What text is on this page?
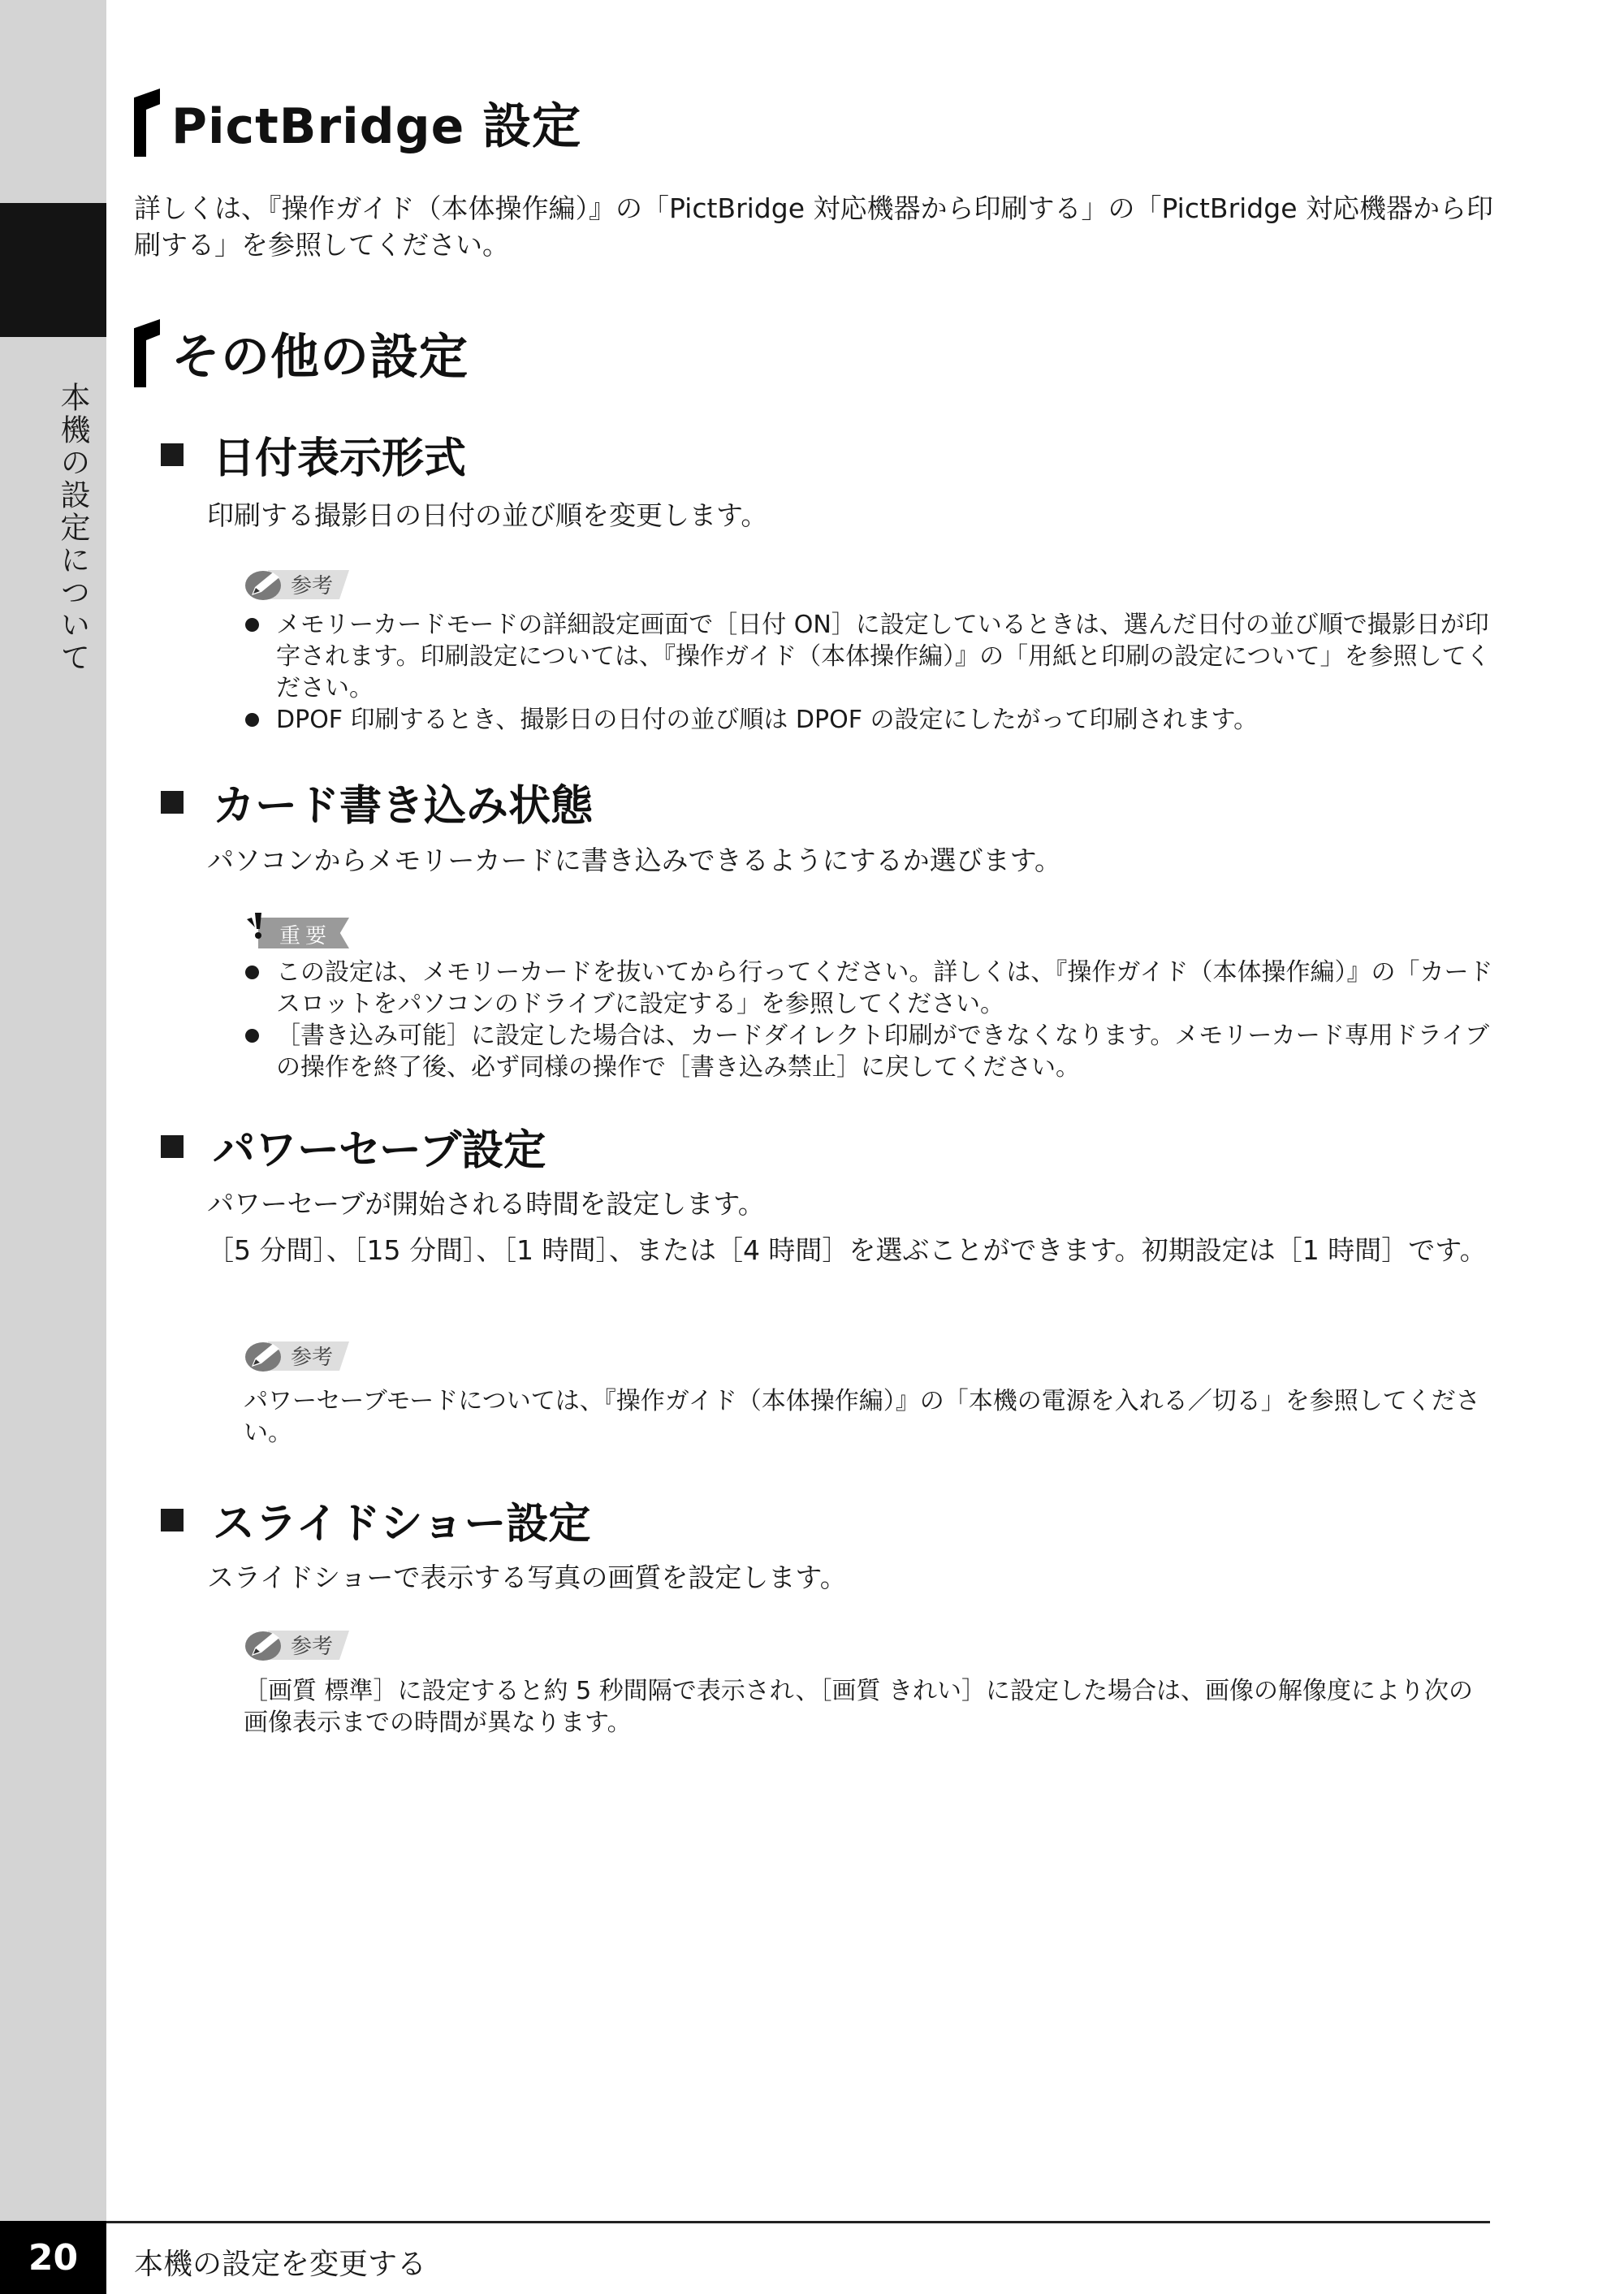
本機の設定について
PictBridge 設定
詳しくは、『操作ガイド（本体操作編）』の「PictBridge 対応機器から印刷する」の「PictBridge 対応機器から印刷する」を参照してください。
その他の設定
日付表示形式
印刷する撮影日の日付の並び順を変更します。
参考
メモリーカードモードの詳細設定画面で［日付 ON］に設定しているときは、選んだ日付の並び順で撮影日が印字されます。印刷設定については、『操作ガイド（本体操作編）』の「用紙と印刷の設定について」を参照してください。
DPOF 印刷するとき、撮影日の日付の並び順は DPOF の設定にしたがって印刷されます。
カード書き込み状態
パソコンからメモリーカードに書き込みできるようにするか選びます。
重要
この設定は、メモリーカードを抜いてから行ってください。詳しくは、『操作ガイド（本体操作編）』の「カードスロットをパソコンのドライブに設定する」を参照してください。
［書き込み可能］に設定した場合は、カードダイレクト印刷ができなくなります。メモリーカード専用ドライブの操作を終了後、必ず同様の操作で［書き込み禁止］に戻してください。
パワーセーブ設定
パワーセーブが開始される時間を設定します。
［5 分間］、［15 分間］、［1 時間］、または［4 時間］を選ぶことができます。初期設定は［1 時間］です。
参考
パワーセーブモードについては、『操作ガイド（本体操作編）』の「本機の電源を入れる／切る」を参照してください。
スライドショー設定
スライドショーで表示する写真の画質を設定します。
参考
［画質 標準］に設定すると約 5 秒間隔で表示され、［画質 きれい］に設定した場合は、画像の解像度により次の画像表示までの時間が異なります。
20	本機の設定を変更する
